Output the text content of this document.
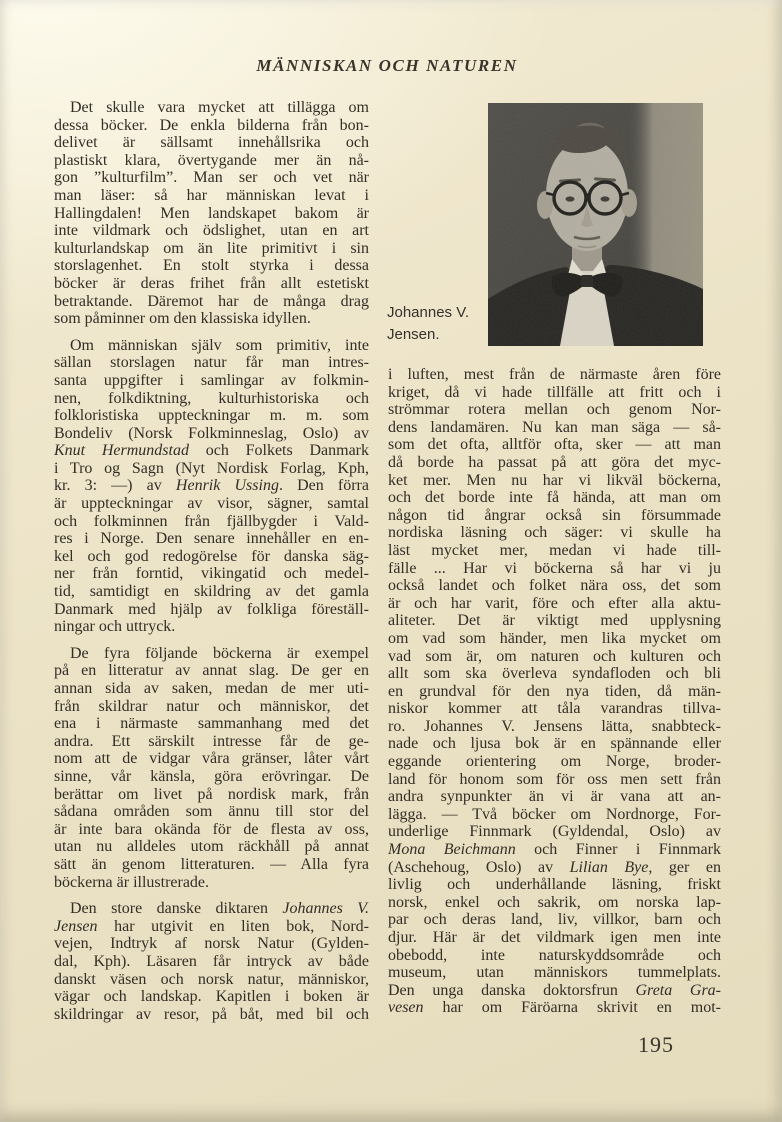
MÄNNISKAN OCH NATUREN
Det skulle vara mycket att tillägga om
dessa böcker. De enkla bilderna från bon-
delivet är sällsamt innehållsrika och
plastiskt klara, övertygande mer än nå-
gon ”kulturfilm”. Man ser och vet när
man läser: så har människan levat i
Hallingdalen! Men landskapet bakom är
inte vildmark och ödslighet, utan en art
kulturlandskap om än lite primitivt i sin
storslagenhet. En stolt styrka i dessa
böcker är deras frihet från allt estetiskt
betraktande. Däremot har de många drag
som påminner om den klassiska idyllen.
Om människan själv som primitiv, inte
sällan storslagen natur får man intres-
santa uppgifter i samlingar av folkmin-
nen, folkdiktning, kulturhistoriska och
folkloristiska uppteckningar m. m. som
Bondeliv (Norsk Folkminneslag, Oslo) av
Knut Hermundstad och Folkets Danmark
i Tro og Sagn (Nyt Nordisk Forlag, Kph,
kr. 3: —) av Henrik Ussing. Den förra
är uppteckningar av visor, sägner, samtal
och folkminnen från fjällbygder i Vald-
res i Norge. Den senare innehåller en en-
kel och god redogörelse för danska säg-
ner från forntid, vikingatid och medel-
tid, samtidigt en skildring av det gamla
Danmark med hjälp av folkliga föreställ-
ningar och uttryck.
De fyra följande böckerna är exempel
på en litteratur av annat slag. De ger en
annan sida av saken, medan de mer uti-
från skildrar natur och människor, det
ena i närmaste sammanhang med det
andra. Ett särskilt intresse får de ge-
nom att de vidgar våra gränser, låter vårt
sinne, vår känsla, göra erövringar. De
berättar om livet på nordisk mark, från
sådana områden som ännu till stor del
är inte bara okända för de flesta av oss,
utan nu alldeles utom räckhåll på annat
sätt än genom litteraturen. — Alla fyra
böckerna är illustrerade.
Den store danske diktaren Johannes V.
Jensen har utgivit en liten bok, Nord-
vejen, Indtryk af norsk Natur (Gylden-
dal, Kph). Läsaren får intryck av både
danskt väsen och norsk natur, människor,
vägar och landskap. Kapitlen i boken är
skildringar av resor, på båt, med bil och
Johannes V.
Jensen.
i luften, mest från de närmaste åren före
kriget, då vi hade tillfälle att fritt och i
strömmar rotera mellan och genom Nor-
dens landamären. Nu kan man säga — så-
som det ofta, alltför ofta, sker — att man
då borde ha passat på att göra det myc-
ket mer. Men nu har vi likväl böckerna,
och det borde inte få hända, att man om
någon tid ångrar också sin försummade
nordiska läsning och säger: vi skulle ha
läst mycket mer, medan vi hade till-
fälle ... Har vi böckerna så har vi ju
också landet och folket nära oss, det som
är och har varit, före och efter alla aktu-
aliteter. Det är viktigt med upplysning
om vad som händer, men lika mycket om
vad som är, om naturen och kulturen och
allt som ska överleva syndafloden och bli
en grundval för den nya tiden, då män-
niskor kommer att tåla varandras tillva-
ro. Johannes V. Jensens lätta, snabbteck-
nade och ljusa bok är en spännande eller
eggande orientering om Norge, broder-
land för honom som för oss men sett från
andra synpunkter än vi är vana att an-
lägga. — Två böcker om Nordnorge, For-
underlige Finnmark (Gyldendal, Oslo) av
Mona Beichmann och Finner i Finnmark
(Aschehoug, Oslo) av Lilian Bye, ger en
livlig och underhållande läsning, friskt
norsk, enkel och sakrik, om norska lap-
par och deras land, liv, villkor, barn och
djur. Här är det vildmark igen men inte
obebodd, inte naturskyddsområde och
museum, utan människors tummelplats.
Den unga danska doktorsfrun Greta Gra-
vesen har om Färöarna skrivit en mot-
195
